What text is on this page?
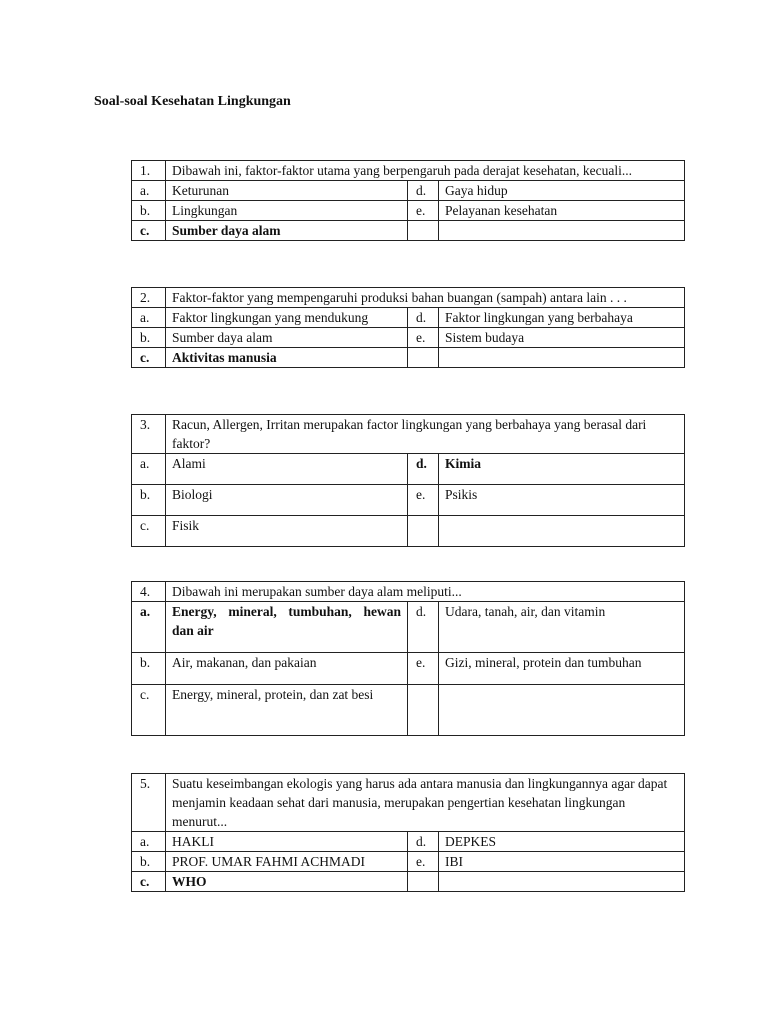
Soal-soal Kesehatan Lingkungan
1.	Dibawah ini, faktor-faktor utama yang berpengaruh pada derajat kesehatan, kecuali...		
a.	Keturunan	d.	Gaya hidup
b.	Lingkungan	e.	Pelayanan kesehatan
c.	Sumber daya alam		
2.	Faktor-faktor yang mempengaruhi produksi bahan buangan (sampah) antara lain . . .		
a.	Faktor lingkungan yang mendukung	d.	Faktor lingkungan yang berbahaya
b.	Sumber daya alam	e.	Sistem budaya
c.	Aktivitas manusia		
3.	Racun, Allergen, Irritan merupakan factor lingkungan yang berbahaya yang berasal dari faktor?		
a.	Alami	d.	Kimia
b.	Biologi	e.	Psikis
c.	Fisik		
4.	Dibawah ini merupakan sumber daya alam meliputi...		
a.	Energy, mineral, tumbuhan, hewan dan air	d.	Udara, tanah, air, dan vitamin
b.	Air, makanan, dan pakaian	e.	Gizi, mineral, protein dan tumbuhan
c.	Energy, mineral, protein, dan zat besi		
5.	Suatu keseimbangan ekologis yang harus ada antara manusia dan lingkungannya agar dapat menjamin keadaan sehat dari manusia, merupakan pengertian kesehatan lingkungan menurut...		
a.	HAKLI	d.	DEPKES
b.	PROF. UMAR FAHMI ACHMADI	e.	IBI
c.	WHO		
